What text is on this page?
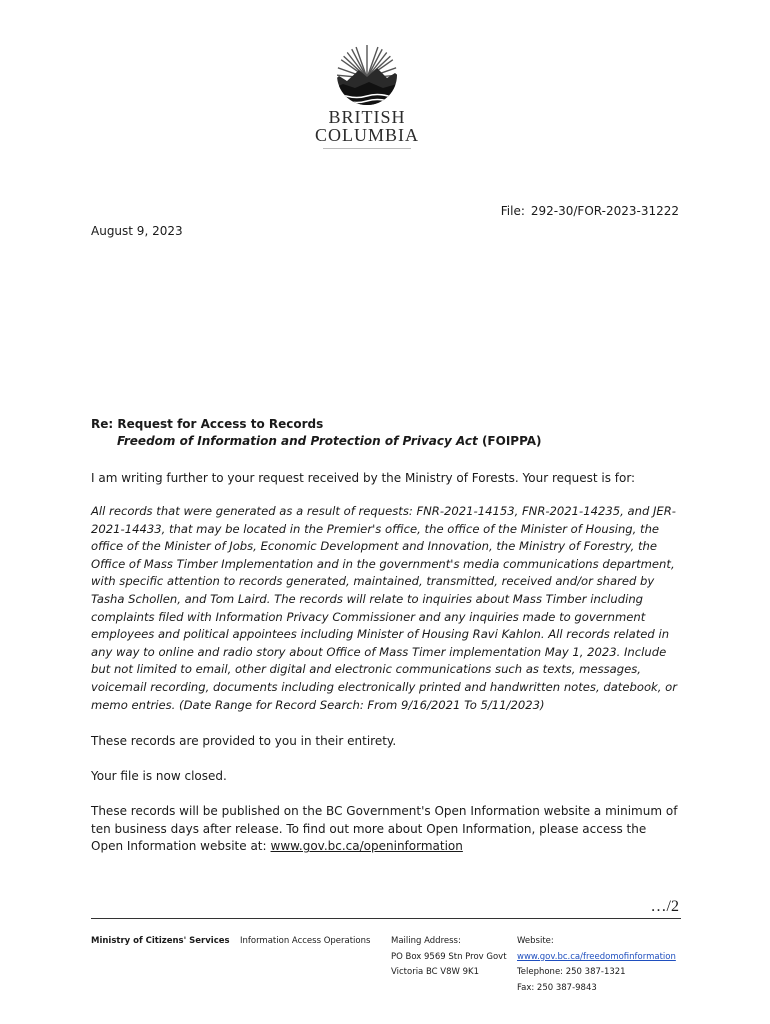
BRITISH
COLUMBIA
File: 292-30/FOR-2023-31222
August 9, 2023
Re: Request for Access to Records
Freedom of Information and Protection of Privacy Act (FOIPPA)
I am writing further to your request received by the Ministry of Forests. Your request is for:
All records that were generated as a result of requests: FNR-2021-14153, FNR-2021-14235, and JER-2021-14433, that may be located in the Premier's office, the office of the Minister of Housing, the office of the Minister of Jobs, Economic Development and Innovation, the Ministry of Forestry, the Office of Mass Timber Implementation and in the government's media communications department, with specific attention to records generated, maintained, transmitted, received and/or shared by Tasha Schollen, and Tom Laird. The records will relate to inquiries about Mass Timber including complaints filed with Information Privacy Commissioner and any inquiries made to government employees and political appointees including Minister of Housing Ravi Kahlon. All records related in any way to online and radio story about Office of Mass Timer implementation May 1, 2023. Include but not limited to email, other digital and electronic communications such as texts, messages, voicemail recording, documents including electronically printed and handwritten notes, datebook, or memo entries. (Date Range for Record Search: From 9/16/2021 To 5/11/2023)
These records are provided to you in their entirety.
Your file is now closed.
These records will be published on the BC Government's Open Information website a minimum of ten business days after release. To find out more about Open Information, please access the Open Information website at: www.gov.bc.ca/openinformation
…/2
Ministry of Citizens' Services Information Access Operations Mailing Address:
PO Box 9569 Stn Prov Govt
Victoria BC V8W 9K1
Website:
www.gov.bc.ca/freedomofinformation
Telephone: 250 387-1321
Fax: 250 387-9843
